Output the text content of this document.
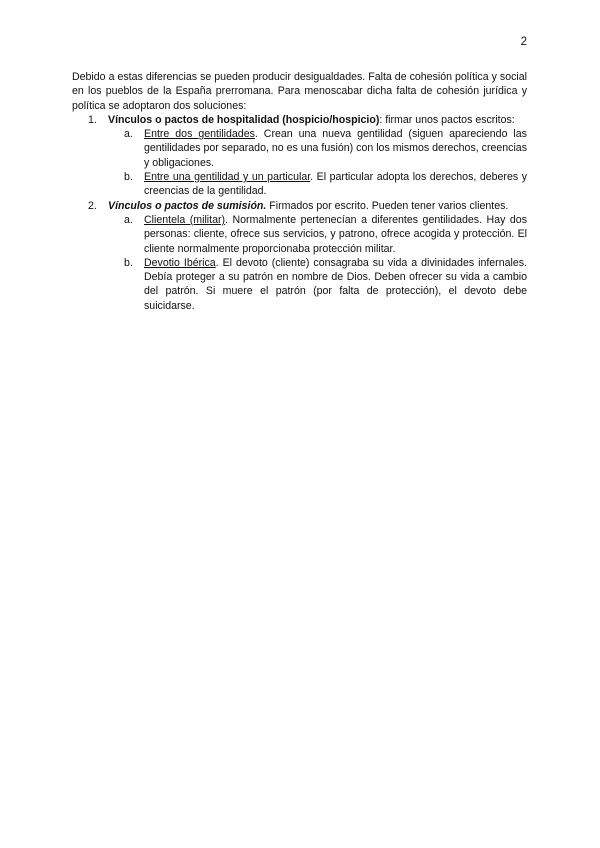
2

Debido a estas diferencias se pueden producir desigualdades. Falta de cohesión política y social en los pueblos de la España prerromana. Para menoscabar dicha falta de cohesión jurídica y política se adoptaron dos soluciones:

1. Vínculos o pactos de hospitalidad (hospicio/hospicio): firmar unos pactos escritos:
a. Entre dos gentilidades. Crean una nueva gentilidad (siguen apareciendo las gentilidades por separado, no es una fusión) con los mismos derechos, creencias y obligaciones.
b. Entre una gentilidad y un particular. El particular adopta los derechos, deberes y creencias de la gentilidad.
2. Vínculos o pactos de sumisión. Firmados por escrito. Pueden tener varios clientes.
a. Clientela (militar). Normalmente pertenecían a diferentes gentilidades. Hay dos personas: cliente, ofrece sus servicios, y patrono, ofrece acogida y protección. El cliente normalmente proporcionaba protección militar.
b. Devotio Ibérica. El devoto (cliente) consagraba su vida a divinidades infernales. Debía proteger a su patrón en nombre de Dios. Deben ofrecer su vida a cambio del patrón. Si muere el patrón (por falta de protección), el devoto debe suicidarse.
